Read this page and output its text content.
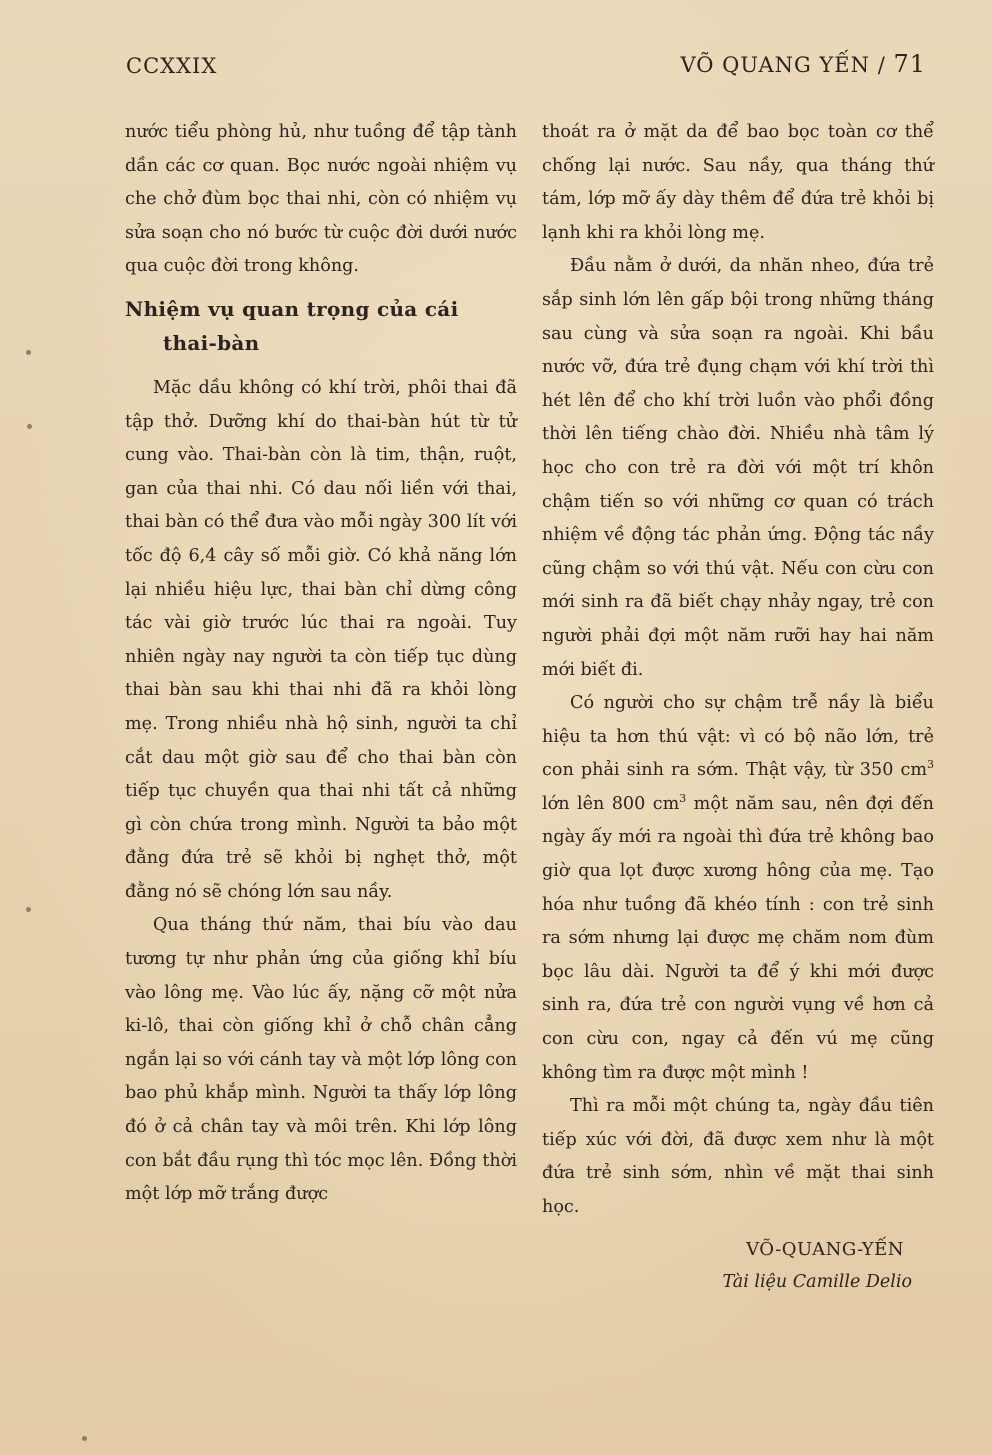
CCXXIX	VÕ QUANG YẾN / 71

nước tiểu phòng hủ, như tuồng để tập tành dần các cơ quan. Bọc nước ngoài nhiệm vụ che chở đùm bọc thai nhi, còn có nhiệm vụ sửa soạn cho nó bước từ cuộc đời dưới nước qua cuộc đời trong không.

Nhiệm vụ quan trọng của cái
thai-bàn

Mặc dầu không có khí trời, phôi thai đã tập thở. Dưỡng khí do thai-bàn hút từ tử cung vào. Thai-bàn còn là tim, thận, ruột, gan của thai nhi. Có dau nối liền với thai, thai bàn có thể đưa vào mỗi ngày 300 lít với tốc độ 6,4 cây số mỗi giờ. Có khả năng lớn lại nhiều hiệu lực, thai bàn chỉ dừng công tác vài giờ trước lúc thai ra ngoài. Tuy nhiên ngày nay người ta còn tiếp tục dùng thai bàn sau khi thai nhi đã ra khỏi lòng mẹ. Trong nhiều nhà hộ sinh, người ta chỉ cắt dau một giờ sau để cho thai bàn còn tiếp tục chuyền qua thai nhi tất cả những gì còn chứa trong mình. Người ta bảo một đằng đứa trẻ sẽ khỏi bị nghẹt thở, một đằng nó sẽ chóng lớn sau nầy.

Qua tháng thứ năm, thai bíu vào dau tương tự như phản ứng của giống khỉ bíu vào lông mẹ. Vào lúc ấy, nặng cỡ một nửa ki-lô, thai còn giống khỉ ở chỗ chân cẳng ngắn lại so với cánh tay và một lớp lông con bao phủ khắp mình. Người ta thấy lớp lông đó ở cả chân tay và môi trên. Khi lớp lông con bắt đầu rụng thì tóc mọc lên. Đồng thời một lớp mỡ trắng được

thoát ra ở mặt da để bao bọc toàn cơ thể chống lại nước. Sau nầy, qua tháng thứ tám, lớp mỡ ấy dày thêm để đứa trẻ khỏi bị lạnh khi ra khỏi lòng mẹ.

Đầu nằm ở dưới, da nhăn nheo, đứa trẻ sắp sinh lớn lên gấp bội trong những tháng sau cùng và sửa soạn ra ngoài. Khi bầu nước vỡ, đứa trẻ đụng chạm với khí trời thì hét lên để cho khí trời luồn vào phổi đồng thời lên tiếng chào đời. Nhiều nhà tâm lý học cho con trẻ ra đời với một trí khôn chậm tiến so với những cơ quan có trách nhiệm về động tác phản ứng. Động tác nầy cũng chậm so với thú vật. Nếu con cừu con mới sinh ra đã biết chạy nhảy ngay, trẻ con người phải đợi một năm rưỡi hay hai năm mới biết đi.

Có người cho sự chậm trễ nầy là biểu hiệu ta hơn thú vật: vì có bộ não lớn, trẻ con phải sinh ra sớm. Thật vậy, từ 350 $cm^3$ lớn lên 800 $cm^3$ một năm sau, nên đợi đến ngày ấy mới ra ngoài thì đứa trẻ không bao giờ qua lọt được xương hông của mẹ. Tạo hóa như tuồng đã khéo tính : con trẻ sinh ra sớm nhưng lại được mẹ chăm nom đùm bọc lâu dài. Người ta để ý khi mới được sinh ra, đứa trẻ con người vụng về hơn cả con cừu con, ngay cả đến vú mẹ cũng không tìm ra được một mình !

Thì ra mỗi một chúng ta, ngày đầu tiên tiếp xúc với đời, đã được xem như là một đứa trẻ sinh sớm, nhìn về mặt thai sinh học.

VÕ-QUANG-YẾN
Tài liệu Camille Delio
